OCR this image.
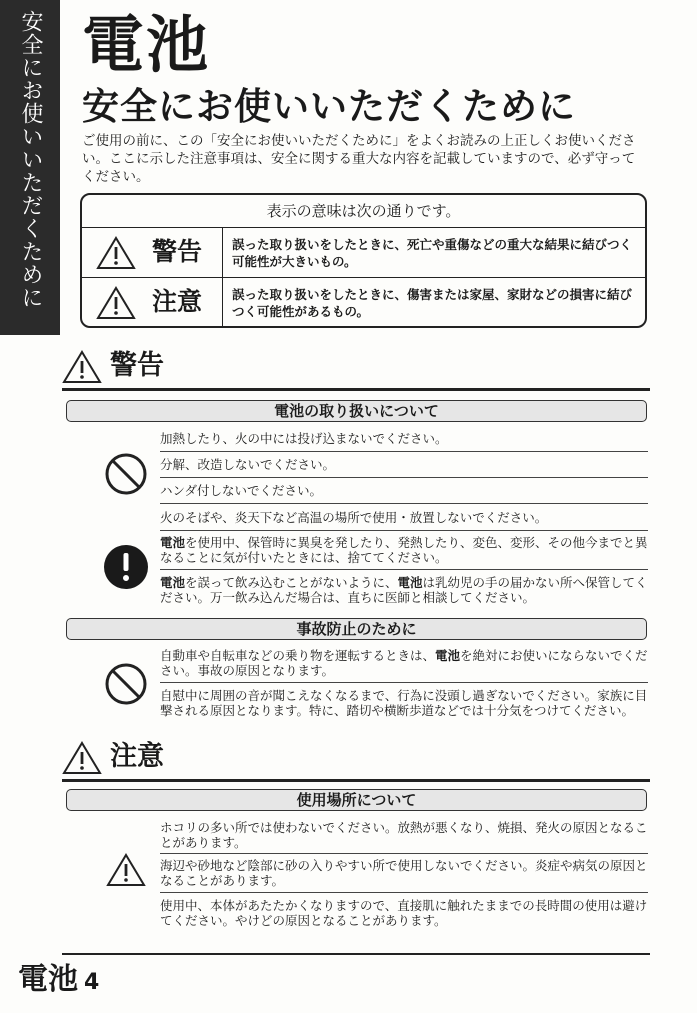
安全にお使いいただくために 電池
安全にお使いいただくために
ご使用の前に、この「安全にお使いいただくために」をよくお読みの上正しくお使いください。ここに示した注意事項は、安全に関する重大な内容を記載していますので、必ず守ってください。
表示の意味は次の通りです。
警告 誤った取り扱いをしたときに、死亡や重傷などの重大な結果に結びつく可能性が大きいもの。
注意 誤った取り扱いをしたときに、傷害または家屋、家財などの損害に結びつく可能性があるもの。
警告
電池の取り扱いについて
加熱したり、火の中には投げ込まないでください。
分解、改造しないでください。
ハンダ付しないでください。
火のそばや、炎天下など高温の場所で使用・放置しないでください。
電池を使用中、保管時に異臭を発したり、発熱したり、変色、変形、その他今までと異なることに気が付いたときには、捨ててください。
電池を誤って飲み込むことがないように、電池は乳幼児の手の届かない所へ保管してください。万一飲み込んだ場合は、直ちに医師と相談してください。
事故防止のために
自動車や自転車などの乗り物を運転するときは、電池を絶対にお使いにならないでください。事故の原因となります。
自慰中に周囲の音が聞こえなくなるまで、行為に没頭し過ぎないでください。家族に目撃される原因となります。特に、踏切や横断歩道などでは十分気をつけてください。
注意
使用場所について
ホコリの多い所では使わないでください。放熱が悪くなり、焼損、発火の原因となることがあります。
海辺や砂地など陰部に砂の入りやすい所で使用しないでください。炎症や病気の原因となることがあります。
使用中、本体があたたかくなりますので、直接肌に触れたままでの長時間の使用は避けてください。やけどの原因となることがあります。
電池 4
